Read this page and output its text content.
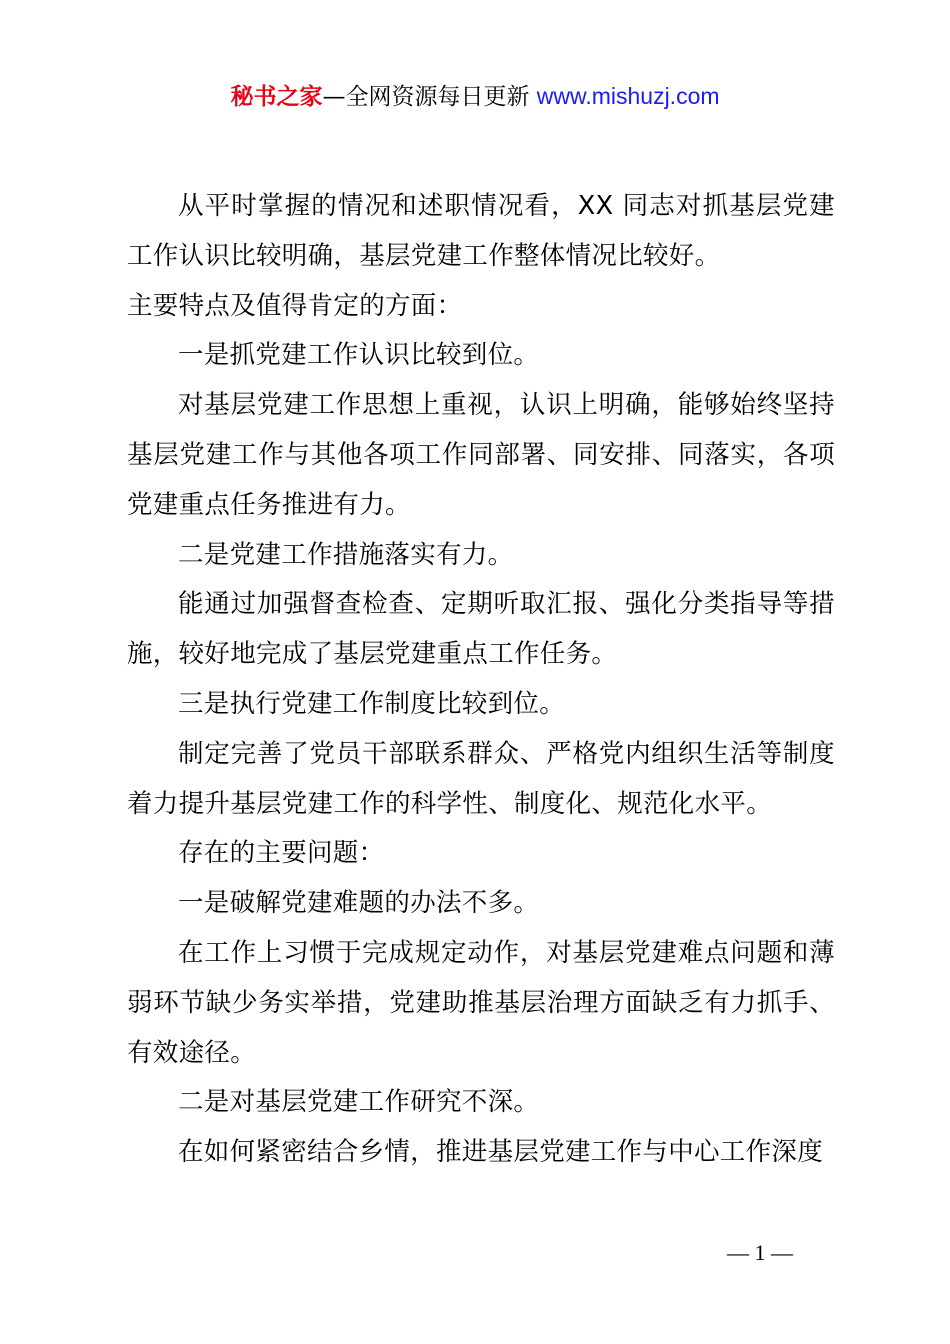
秘书之家—全网资源每日更新 www.mishuzj.com

从平时掌握的情况和述职情况看，XX 同志对抓基层党建工作认识比较明确，基层党建工作整体情况比较好。

主要特点及值得肯定的方面：

一是抓党建工作认识比较到位。

对基层党建工作思想上重视，认识上明确，能够始终坚持基层党建工作与其他各项工作同部署、同安排、同落实，各项党建重点任务推进有力。

二是党建工作措施落实有力。

能通过加强督查检查、定期听取汇报、强化分类指导等措施，较好地完成了基层党建重点工作任务。

三是执行党建工作制度比较到位。

制定完善了党员干部联系群众、严格党内组织生活等制度着力提升基层党建工作的科学性、制度化、规范化水平。

存在的主要问题：

一是破解党建难题的办法不多。

在工作上习惯于完成规定动作，对基层党建难点问题和薄弱环节缺少务实举措，党建助推基层治理方面缺乏有力抓手、有效途径。

二是对基层党建工作研究不深。

在如何紧密结合乡情，推进基层党建工作与中心工作深度

— 1 —
